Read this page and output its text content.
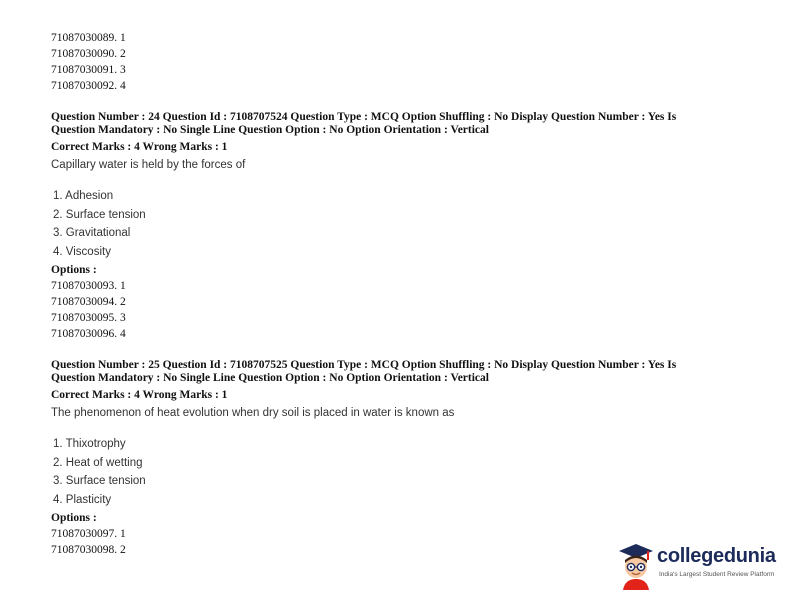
71087030089. 1

71087030090. 2

71087030091. 3

71087030092. 4

Question Number : 24 Question Id : 7108707524 Question Type : MCQ Option Shuffling : No Display Question Number : Yes Is Question Mandatory : No Single Line Question Option : No Option Orientation : Vertical
Correct Marks : 4 Wrong Marks : 1
Capillary water is held by the forces of
1. Adhesion
2. Surface tension
3. Gravitational
4. Viscosity
Options :

71087030093. 1

71087030094. 2

71087030095. 3

71087030096. 4

Question Number : 25 Question Id : 7108707525 Question Type : MCQ Option Shuffling : No Display Question Number : Yes Is Question Mandatory : No Single Line Question Option : No Option Orientation : Vertical
Correct Marks : 4 Wrong Marks : 1
The phenomenon of heat evolution when dry soil is placed in water is known as
1. Thixotrophy
2. Heat of wetting
3. Surface tension
4. Plasticity
Options :

71087030097. 1

71087030098. 2	collegedunia
India's Largest Student Review Platform
